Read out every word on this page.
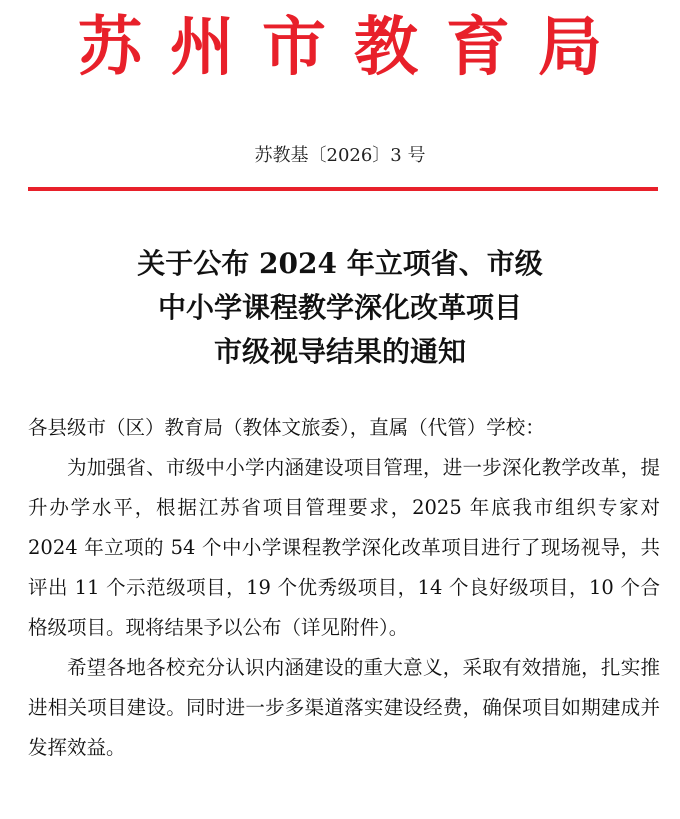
苏州市教育局
苏教基〔2026〕3 号
关于公布 2024 年立项省、市级
中小学课程教学深化改革项目
市级视导结果的通知

各县级市（区）教育局（教体文旅委），直属（代管）学校：

为加强省、市级中小学内涵建设项目管理，进一步深化教学改革，提升办学水平，根据江苏省项目管理要求，2025 年底我市组织专家对 2024 年立项的 54 个中小学课程教学深化改革项目进行了现场视导，共评出 11 个示范级项目，19 个优秀级项目，14 个良好级项目，10 个合格级项目。现将结果予以公布（详见附件）。

希望各地各校充分认识内涵建设的重大意义，采取有效措施，扎实推进相关项目建设。同时进一步多渠道落实建设经费，确保项目如期建成并发挥效益。
